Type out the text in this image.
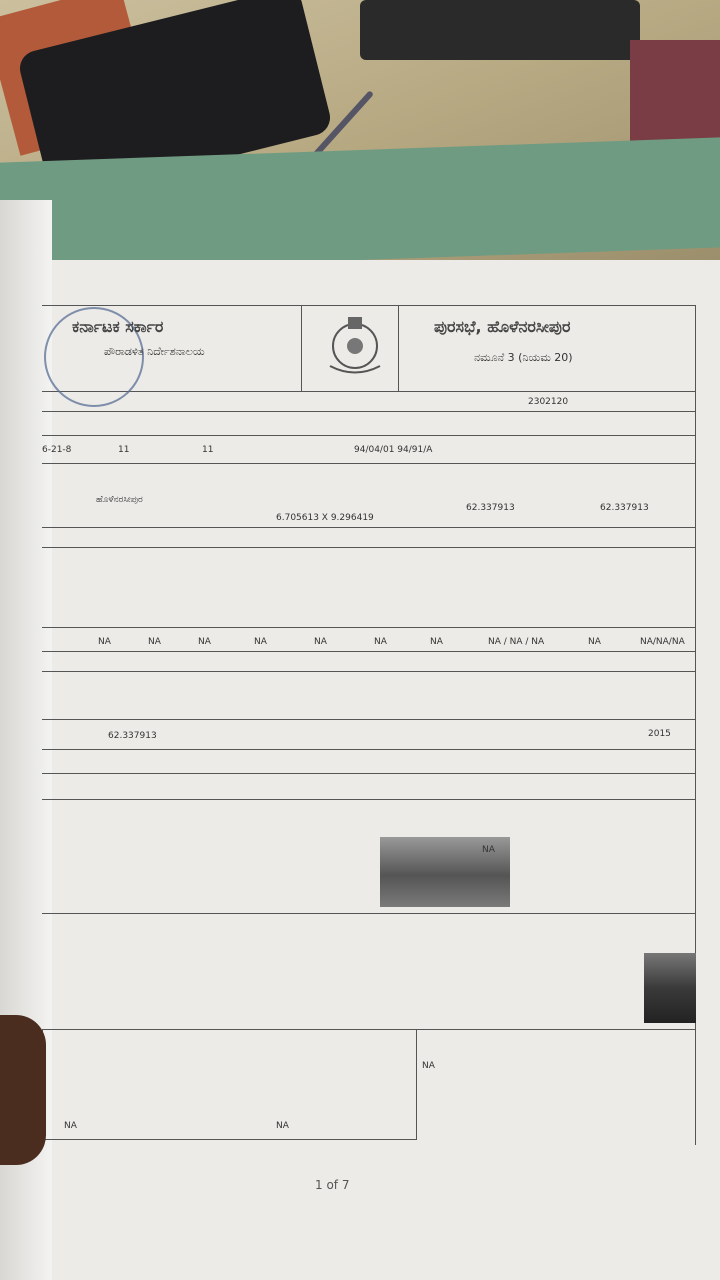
ಕರ್ನಾಟಕ ಸರ್ಕಾರ
ಪೌರಾಡಳಿತ ನಿರ್ದೇಶನಾಲಯ
ಪುರಸಭೆ, ಹೊಳೆನರಸೀಪುರ
ನಮೂನೆ 3 (ನಿಯಮ 20)
2302120
6-21-8	11	11	94/04/01 94/91/A
ಹೊಳೆನರಸೀಪುರ
6.705613 X 9.296419
62.337913	62.337913
NA	NA	NA	NA	NA	NA	NA	NA / NA / NA	NA	NA/NA/NA
62.337913	2015
NA
NA
NA	NA
1 of 7
